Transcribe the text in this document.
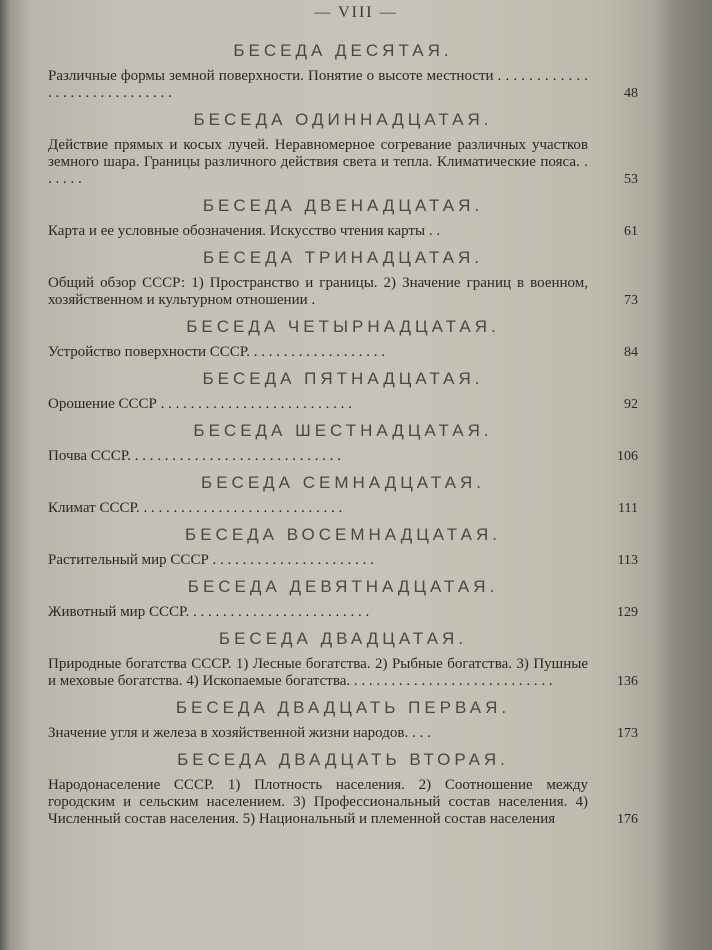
— VIII —
БЕСЕДА ДЕСЯТАЯ.
Различные формы земной поверхности. Понятие о высоте местности . . . . . . . . . . . . . . . . . . . . . . . . . . . . .	48
БЕСЕДА ОДИННАДЦАТАЯ.
Действие прямых и косых лучей. Неравномерное согревание различных участков земного шара. Границы различного действия света и тепла. Климатические пояса. . . . . . .	53
БЕСЕДА ДВЕНАДЦАТАЯ.
Карта и ее условные обозначения. Искусство чтения карты . .	61
БЕСЕДА ТРИНАДЦАТАЯ.
Общий обзор СССР: 1) Пространство и границы. 2) Значение границ в военном, хозяйственном и культурном отношении .	73
БЕСЕДА ЧЕТЫРНАДЦАТАЯ.
Устройство поверхности СССР. . . . . . . . . . . . . . . . . . .	84
БЕСЕДА ПЯТНАДЦАТАЯ.
Орошение СССР . . . . . . . . . . . . . . . . . . . . . . . . . .	92
БЕСЕДА ШЕСТНАДЦАТАЯ.
Почва СССР. . . . . . . . . . . . . . . . . . . . . . . . . . . . .	106
БЕСЕДА СЕМНАДЦАТАЯ.
Климат СССР. . . . . . . . . . . . . . . . . . . . . . . . . . . .	111
БЕСЕДА ВОСЕМНАДЦАТАЯ.
Растительный мир СССР . . . . . . . . . . . . . . . . . . . . . .	113
БЕСЕДА ДЕВЯТНАДЦАТАЯ.
Животный мир СССР. . . . . . . . . . . . . . . . . . . . . . . . .	129
БЕСЕДА ДВАДЦАТАЯ.
Природные богатства СССР. 1) Лесные богатства. 2) Рыбные богатства. 3) Пушные и меховые богатства. 4) Ископаемые богатства. . . . . . . . . . . . . . . . . . . . . . . . . . . .	136
БЕСЕДА ДВАДЦАТЬ ПЕРВАЯ.
Значение угля и железа в хозяйственной жизни народов. . . .	173
БЕСЕДА ДВАДЦАТЬ ВТОРАЯ.
Народонаселение СССР. 1) Плотность населения. 2) Соотношение между городским и сельским населением. 3) Профессиональный состав населения. 4) Численный состав населения. 5) Национальный и племенной состав населения	176
